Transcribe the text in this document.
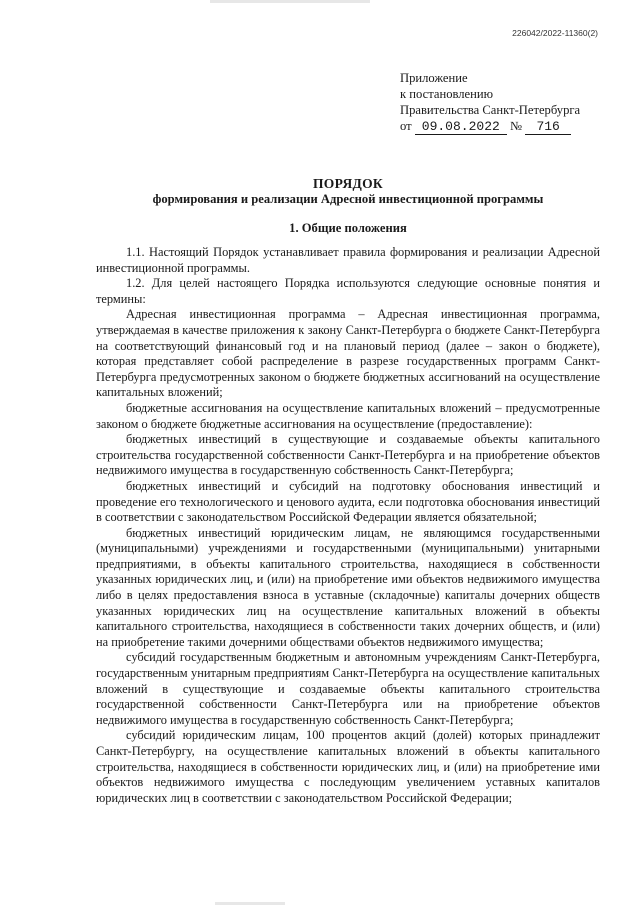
226042/2022-11360(2)
Приложение
к постановлению
Правительства Санкт-Петербурга
от 09.08.2022 № 716
ПОРЯДОК
формирования и реализации Адресной инвестиционной программы
1. Общие положения

1.1. Настоящий Порядок устанавливает правила формирования и реализации Адресной инвестиционной программы.

1.2. Для целей настоящего Порядка используются следующие основные понятия и термины:

Адресная инвестиционная программа – Адресная инвестиционная программа, утверждаемая в качестве приложения к закону Санкт-Петербурга о бюджете Санкт-Петербурга на соответствующий финансовый год и на плановый период (далее – закон о бюджете), которая представляет собой распределение в разрезе государственных программ Санкт-Петербурга предусмотренных законом о бюджете бюджетных ассигнований на осуществление капитальных вложений;

бюджетные ассигнования на осуществление капитальных вложений – предусмотренные законом о бюджете бюджетные ассигнования на осуществление (предоставление):

бюджетных инвестиций в существующие и создаваемые объекты капитального строительства государственной собственности Санкт-Петербурга и на приобретение объектов недвижимого имущества в государственную собственность Санкт-Петербурга;

бюджетных инвестиций и субсидий на подготовку обоснования инвестиций и проведение его технологического и ценового аудита, если подготовка обоснования инвестиций в соответствии с законодательством Российской Федерации является обязательной;

бюджетных инвестиций юридическим лицам, не являющимся государственными (муниципальными) учреждениями и государственными (муниципальными) унитарными предприятиями, в объекты капитального строительства, находящиеся в собственности указанных юридических лиц, и (или) на приобретение ими объектов недвижимого имущества либо в целях предоставления взноса в уставные (складочные) капиталы дочерних обществ указанных юридических лиц на осуществление капитальных вложений в объекты капитального строительства, находящиеся в собственности таких дочерних обществ, и (или) на приобретение такими дочерними обществами объектов недвижимого имущества;

субсидий государственным бюджетным и автономным учреждениям Санкт-Петербурга, государственным унитарным предприятиям Санкт-Петербурга на осуществление капитальных вложений в существующие и создаваемые объекты капитального строительства государственной собственности Санкт-Петербурга или на приобретение объектов недвижимого имущества в государственную собственность Санкт-Петербурга;

субсидий юридическим лицам, 100 процентов акций (долей) которых принадлежит Санкт-Петербургу, на осуществление капитальных вложений в объекты капитального строительства, находящиеся в собственности юридических лиц, и (или) на приобретение ими объектов недвижимого имущества с последующим увеличением уставных капиталов юридических лиц в соответствии с законодательством Российской Федерации;
